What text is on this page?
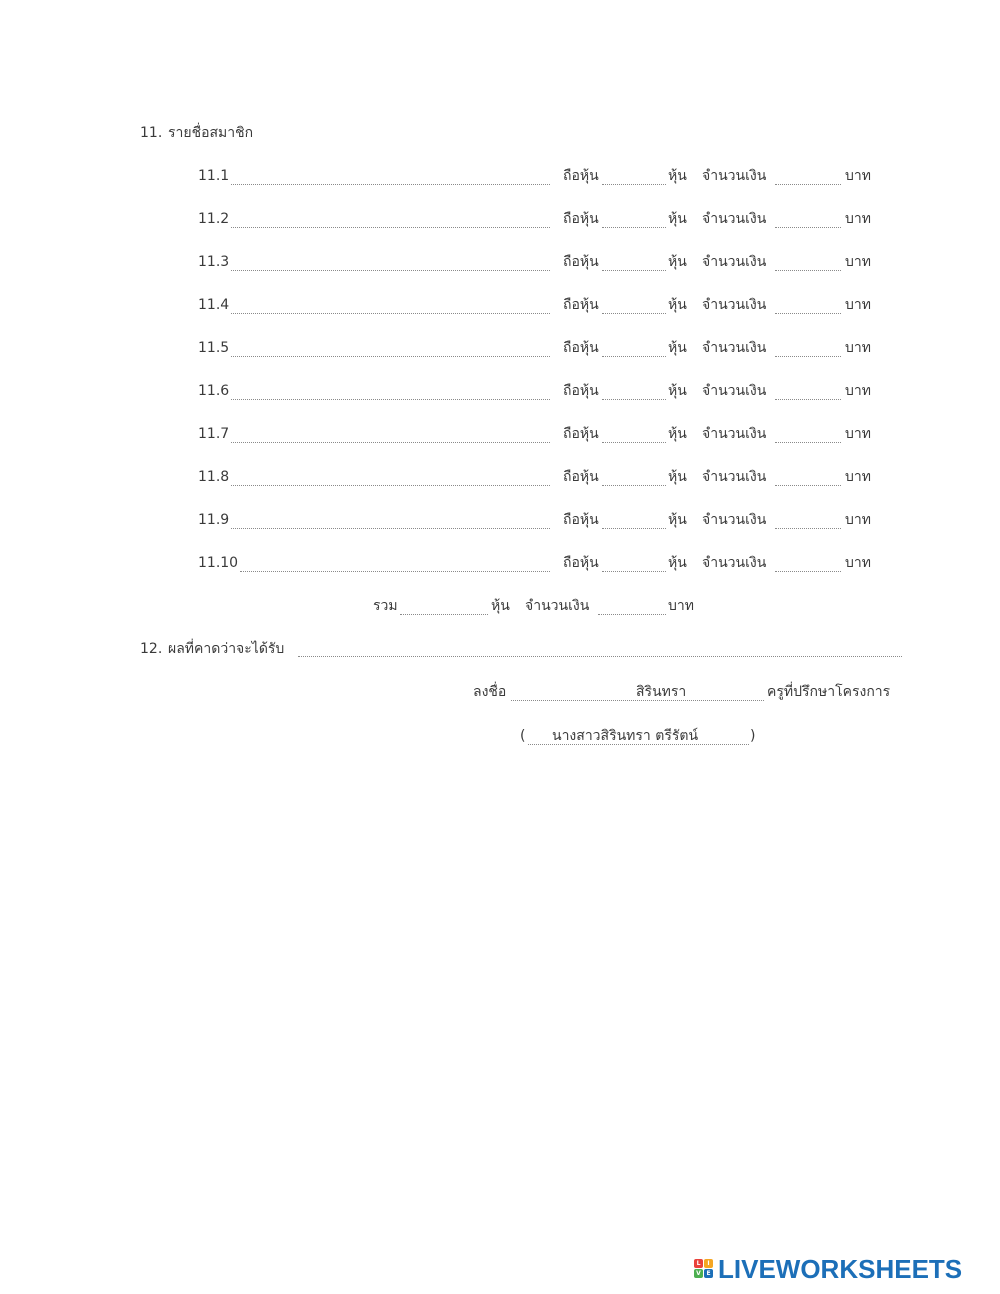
11. รายชื่อสมาชิก
11.1	ถือหุ้น	หุ้น จำนวนเงิน	บาท
11.2	ถือหุ้น	หุ้น จำนวนเงิน	บาท
11.3	ถือหุ้น	หุ้น จำนวนเงิน	บาท
11.4	ถือหุ้น	หุ้น จำนวนเงิน	บาท
11.5	ถือหุ้น	หุ้น จำนวนเงิน	บาท
11.6	ถือหุ้น	หุ้น จำนวนเงิน	บาท
11.7	ถือหุ้น	หุ้น จำนวนเงิน	บาท
11.8	ถือหุ้น	หุ้น จำนวนเงิน	บาท
11.9	ถือหุ้น	หุ้น จำนวนเงิน	บาท
11.10	ถือหุ้น	หุ้น จำนวนเงิน	บาท
รวม	หุ้น จำนวนเงิน	บาท
12. ผลที่คาดว่าจะได้รับ
ลงชื่อ	สิรินทรา	ครูที่ปรึกษาโครงการ
( นางสาวสิรินทรา ตรีรัตน์	)
L	I
V E LIVEWORKSHEETS
